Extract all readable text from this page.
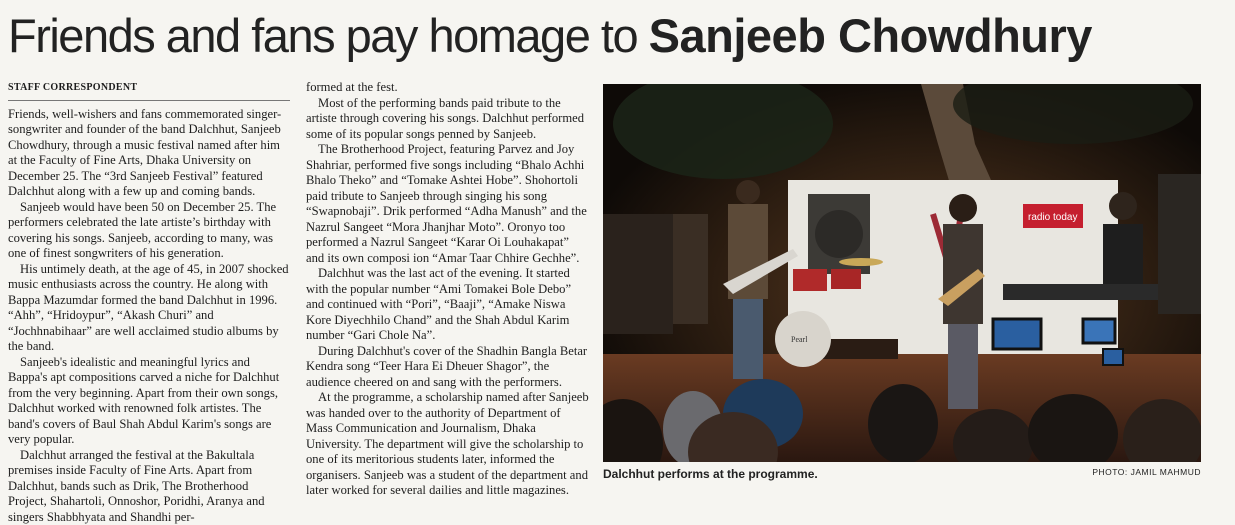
Friends and fans pay homage to Sanjeeb Chowdhury
STAFF CORRESPONDENT

Friends, well-wishers and fans commemorated singer-songwriter and founder of the band Dalchhut, Sanjeeb Chowdhury, through a music festival named after him at the Faculty of Fine Arts, Dhaka University on December 25. The “3rd Sanjeeb Festival” featured Dalchhut along with a few up and coming bands.

Sanjeeb would have been 50 on December 25. The performers celebrated the late artiste’s birthday with covering his songs. Sanjeeb, according to many, was one of finest songwriters of his generation.

His untimely death, at the age of 45, in 2007 shocked music enthusiasts across the country. He along with Bappa Mazumdar formed the band Dalchhut in 1996. “Ahh”, “Hridoypur”, “Akash Churi” and “Jochhnabihaar” are well acclaimed studio albums by the band.

Sanjeeb's idealistic and meaningful lyrics and Bappa's apt compositions carved a niche for Dalchhut from the very beginning. Apart from their own songs, Dalchhut worked with renowned folk artistes. The band's covers of Baul Shah Abdul Karim's songs are very popular.

Dalchhut arranged the festival at the Bakultala premises inside Faculty of Fine Arts. Apart from Dalchhut, bands such as Drik, The Brotherhood Project, Shahartoli, Onnoshor, Poridhi, Aranya and singers Shabbhyata and Shandhi per-

formed at the fest.

Most of the performing bands paid tribute to the artiste through covering his songs. Dalchhut performed some of its popular songs penned by Sanjeeb.

The Brotherhood Project, featuring Parvez and Joy Shahriar, performed five songs including “Bhalo Achhi Bhalo Theko” and “Tomake Ashtei Hobe”. Shohortoli paid tribute to Sanjeeb through singing his song “Swapnobaji”. Drik performed “Adha Manush” and the Nazrul Sangeet “Mora Jhanjhar Moto”. Oronyo too performed a Nazrul Sangeet “Karar Oi Louhakapat” and its own composi ion “Amar Taar Chhire Gechhe”.

Dalchhut was the last act of the evening. It started with the popular number “Ami Tomakei Bole Debo” and continued with “Pori”, “Baaji”, “Amake Niswa Kore Diyechhilo Chand” and the Shah Abdul Karim number “Gari Chole Na”.

During Dalchhut's cover of the Shadhin Bangla Betar Kendra song “Teer Hara Ei Dheuer Shagor”, the audience cheered on and sang with the performers.

At the programme, a scholarship named after Sanjeeb was handed over to the authority of Department of Mass Communication and Journalism, Dhaka University. The department will give the scholarship to one of its meritorious students later, informed the organisers. Sanjeeb was a student of the department and later worked for several dailies and little magazines.

radio today
Pearl
Dalchhut performs at the programme.	PHOTO: JAMIL MAHMUD
